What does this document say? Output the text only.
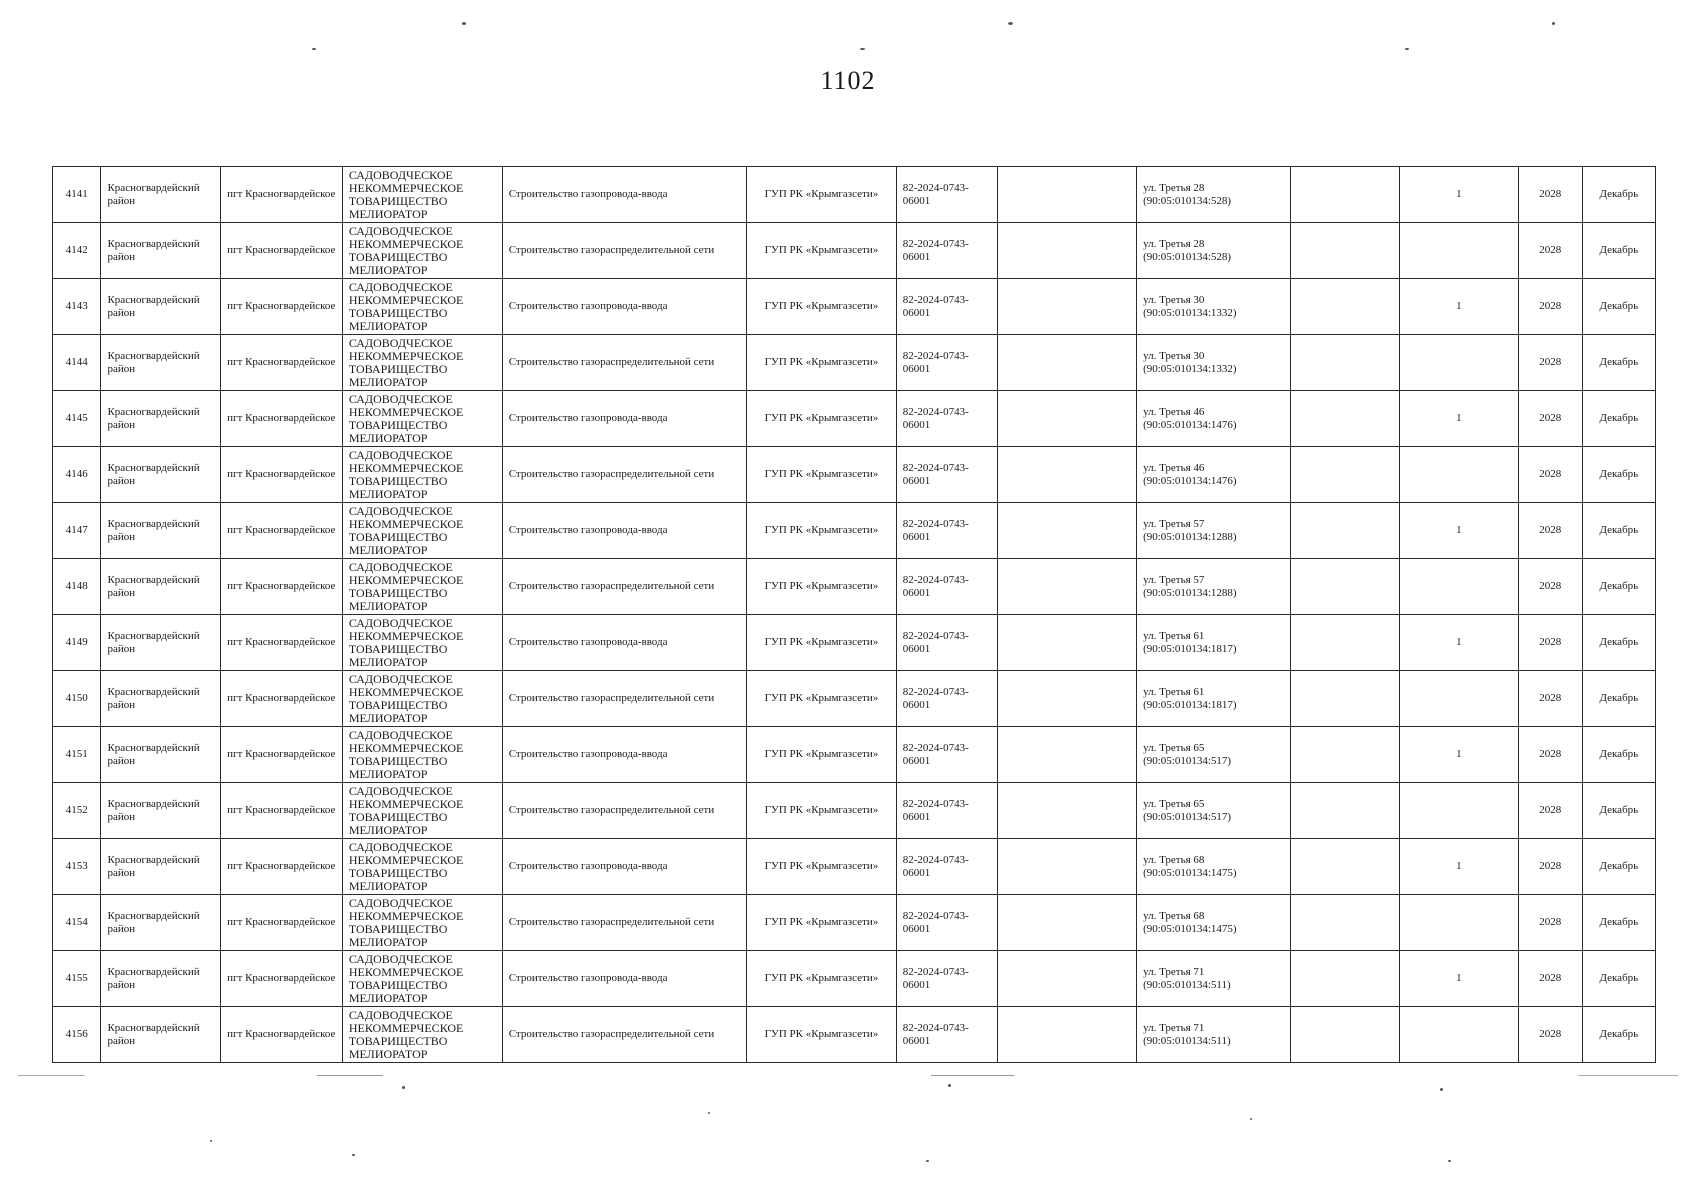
1102
4141	Красногвардейский район	пгт Красногвардейское	САДОВОДЧЕСКОЕ НЕКОММЕРЧЕСКОЕ ТОВАРИЩЕСТВО МЕЛИОРАТОР	Строительство газопровода-ввода	ГУП РК «Крымгазсети»	82-2024-0743-06001		ул. Третья 28 (90:05:010134:528)		1	2028	Декабрь
4142	Красногвардейский район	пгт Красногвардейское	САДОВОДЧЕСКОЕ НЕКОММЕРЧЕСКОЕ ТОВАРИЩЕСТВО МЕЛИОРАТОР	Строительство газораспределительной сети	ГУП РК «Крымгазсети»	82-2024-0743-06001		ул. Третья 28 (90:05:010134:528)			2028	Декабрь
4143	Красногвардейский район	пгт Красногвардейское	САДОВОДЧЕСКОЕ НЕКОММЕРЧЕСКОЕ ТОВАРИЩЕСТВО МЕЛИОРАТОР	Строительство газопровода-ввода	ГУП РК «Крымгазсети»	82-2024-0743-06001		ул. Третья 30 (90:05:010134:1332)		1	2028	Декабрь
4144	Красногвардейский район	пгт Красногвардейское	САДОВОДЧЕСКОЕ НЕКОММЕРЧЕСКОЕ ТОВАРИЩЕСТВО МЕЛИОРАТОР	Строительство газораспределительной сети	ГУП РК «Крымгазсети»	82-2024-0743-06001		ул. Третья 30 (90:05:010134:1332)			2028	Декабрь
4145	Красногвардейский район	пгт Красногвардейское	САДОВОДЧЕСКОЕ НЕКОММЕРЧЕСКОЕ ТОВАРИЩЕСТВО МЕЛИОРАТОР	Строительство газопровода-ввода	ГУП РК «Крымгазсети»	82-2024-0743-06001		ул. Третья 46 (90:05:010134:1476)		1	2028	Декабрь
4146	Красногвардейский район	пгт Красногвардейское	САДОВОДЧЕСКОЕ НЕКОММЕРЧЕСКОЕ ТОВАРИЩЕСТВО МЕЛИОРАТОР	Строительство газораспределительной сети	ГУП РК «Крымгазсети»	82-2024-0743-06001		ул. Третья 46 (90:05:010134:1476)			2028	Декабрь
4147	Красногвардейский район	пгт Красногвардейское	САДОВОДЧЕСКОЕ НЕКОММЕРЧЕСКОЕ ТОВАРИЩЕСТВО МЕЛИОРАТОР	Строительство газопровода-ввода	ГУП РК «Крымгазсети»	82-2024-0743-06001		ул. Третья 57 (90:05:010134:1288)		1	2028	Декабрь
4148	Красногвардейский район	пгт Красногвардейское	САДОВОДЧЕСКОЕ НЕКОММЕРЧЕСКОЕ ТОВАРИЩЕСТВО МЕЛИОРАТОР	Строительство газораспределительной сети	ГУП РК «Крымгазсети»	82-2024-0743-06001		ул. Третья 57 (90:05:010134:1288)			2028	Декабрь
4149	Красногвардейский район	пгт Красногвардейское	САДОВОДЧЕСКОЕ НЕКОММЕРЧЕСКОЕ ТОВАРИЩЕСТВО МЕЛИОРАТОР	Строительство газопровода-ввода	ГУП РК «Крымгазсети»	82-2024-0743-06001		ул. Третья 61 (90:05:010134:1817)		1	2028	Декабрь
4150	Красногвардейский район	пгт Красногвардейское	САДОВОДЧЕСКОЕ НЕКОММЕРЧЕСКОЕ ТОВАРИЩЕСТВО МЕЛИОРАТОР	Строительство газораспределительной сети	ГУП РК «Крымгазсети»	82-2024-0743-06001		ул. Третья 61 (90:05:010134:1817)			2028	Декабрь
4151	Красногвардейский район	пгт Красногвардейское	САДОВОДЧЕСКОЕ НЕКОММЕРЧЕСКОЕ ТОВАРИЩЕСТВО МЕЛИОРАТОР	Строительство газопровода-ввода	ГУП РК «Крымгазсети»	82-2024-0743-06001		ул. Третья 65 (90:05:010134:517)		1	2028	Декабрь
4152	Красногвардейский район	пгт Красногвардейское	САДОВОДЧЕСКОЕ НЕКОММЕРЧЕСКОЕ ТОВАРИЩЕСТВО МЕЛИОРАТОР	Строительство газораспределительной сети	ГУП РК «Крымгазсети»	82-2024-0743-06001		ул. Третья 65 (90:05:010134:517)			2028	Декабрь
4153	Красногвардейский район	пгт Красногвардейское	САДОВОДЧЕСКОЕ НЕКОММЕРЧЕСКОЕ ТОВАРИЩЕСТВО МЕЛИОРАТОР	Строительство газопровода-ввода	ГУП РК «Крымгазсети»	82-2024-0743-06001		ул. Третья 68 (90:05:010134:1475)		1	2028	Декабрь
4154	Красногвардейский район	пгт Красногвардейское	САДОВОДЧЕСКОЕ НЕКОММЕРЧЕСКОЕ ТОВАРИЩЕСТВО МЕЛИОРАТОР	Строительство газораспределительной сети	ГУП РК «Крымгазсети»	82-2024-0743-06001		ул. Третья 68 (90:05:010134:1475)			2028	Декабрь
4155	Красногвардейский район	пгт Красногвардейское	САДОВОДЧЕСКОЕ НЕКОММЕРЧЕСКОЕ ТОВАРИЩЕСТВО МЕЛИОРАТОР	Строительство газопровода-ввода	ГУП РК «Крымгазсети»	82-2024-0743-06001		ул. Третья 71 (90:05:010134:511)		1	2028	Декабрь
4156	Красногвардейский район	пгт Красногвардейское	САДОВОДЧЕСКОЕ НЕКОММЕРЧЕСКОЕ ТОВАРИЩЕСТВО МЕЛИОРАТОР	Строительство газораспределительной сети	ГУП РК «Крымгазсети»	82-2024-0743-06001		ул. Третья 71 (90:05:010134:511)			2028	Декабрь
